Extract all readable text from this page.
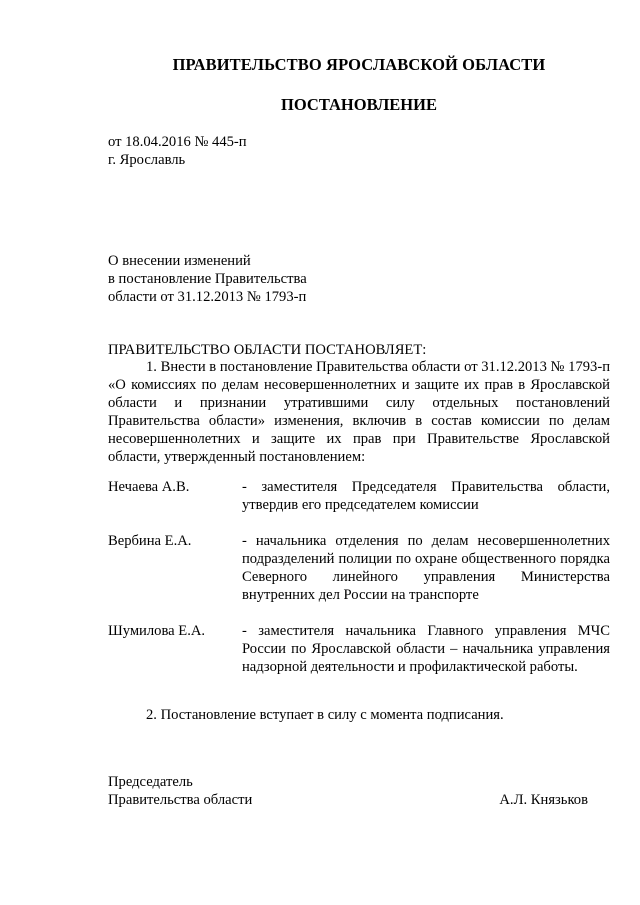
ПРАВИТЕЛЬСТВО ЯРОСЛАВСКОЙ ОБЛАСТИ
ПОСТАНОВЛЕНИЕ
от 18.04.2016 № 445-п
г. Ярославль
О внесении изменений
в постановление Правительства
области от 31.12.2013 № 1793-п
ПРАВИТЕЛЬСТВО ОБЛАСТИ ПОСТАНОВЛЯЕТ:
1. Внести в постановление Правительства области от 31.12.2013 № 1793-п «О комиссиях по делам несовершеннолетних и защите их прав в Ярославской области и признании утратившими силу отдельных постановлений Правительства области» изменения, включив в состав комиссии по делам несовершеннолетних и защите их прав при Правительстве Ярославской области, утвержденный постановлением:
Нечаева А.В.	- заместителя Председателя Правительства области, утвердив его председателем комиссии
Вербина Е.А.	- начальника отделения по делам несовершеннолетних подразделений полиции по охране общественного порядка Северного линейного управления Министерства внутренних дел России на транспорте
Шумилова Е.А.	- заместителя начальника Главного управления МЧС России по Ярославской области – начальника управления надзорной деятельности и профилактической работы.
2. Постановление вступает в силу с момента подписания.
Председатель
Правительства области	А.Л. Князьков
